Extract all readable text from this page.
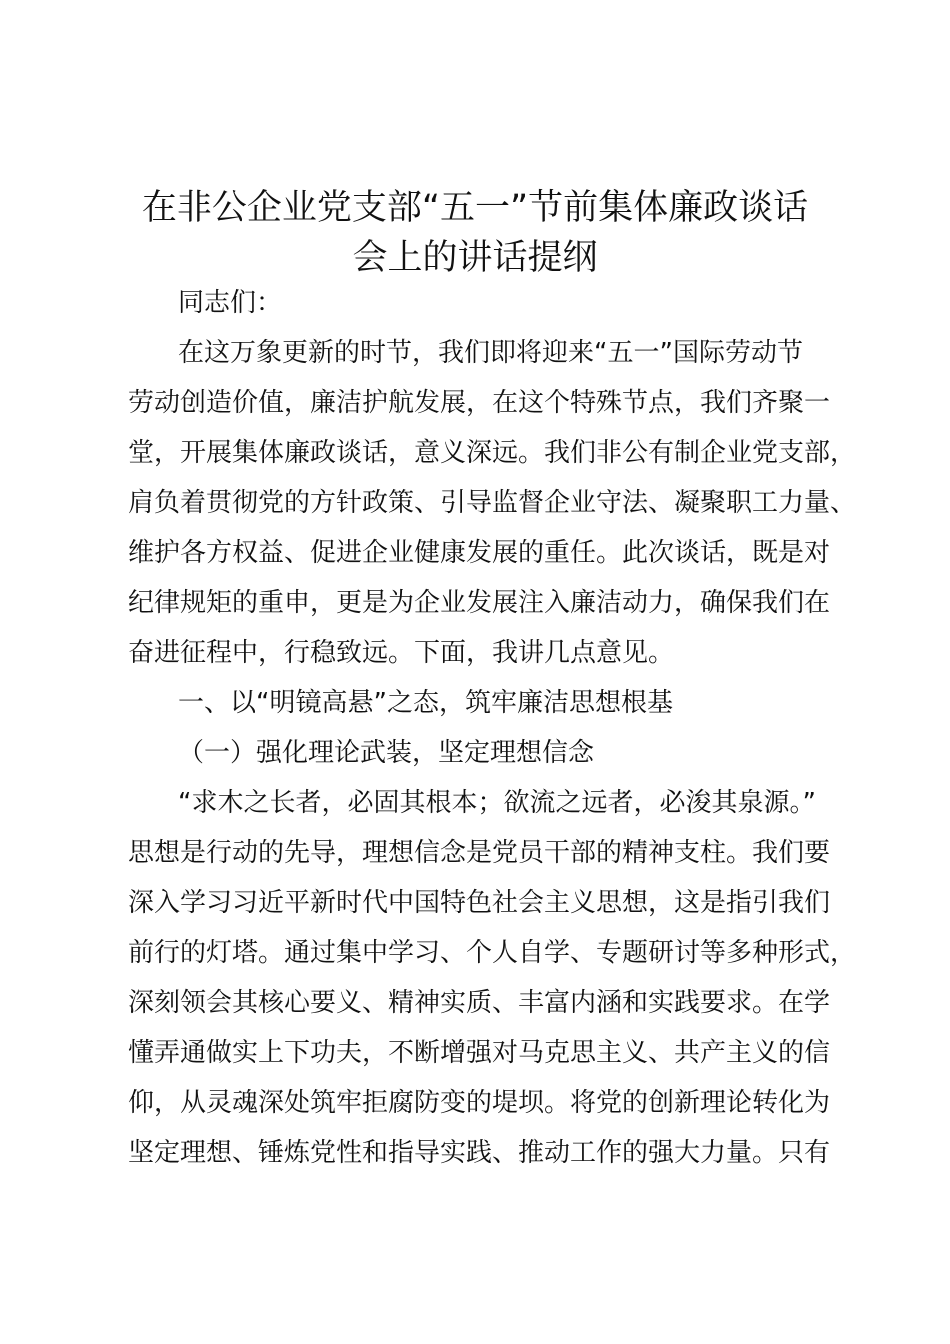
在非公企业党支部“五一”节前集体廉政谈话
会上的讲话提纲

同志们：

在这万象更新的时节，我们即将迎来“五一”国际劳动节

劳动创造价值，廉洁护航发展，在这个特殊节点，我们齐聚一

堂，开展集体廉政谈话，意义深远。我们非公有制企业党支部，

肩负着贯彻党的方针政策、引导监督企业守法、凝聚职工力量、

维护各方权益、促进企业健康发展的重任。此次谈话，既是对

纪律规矩的重申，更是为企业发展注入廉洁动力，确保我们在

奋进征程中，行稳致远。下面，我讲几点意见。

一、以“明镜高悬”之态，筑牢廉洁思想根基

（一）强化理论武装，坚定理想信念

“求木之长者，必固其根本；欲流之远者，必浚其泉源。”

思想是行动的先导，理想信念是党员干部的精神支柱。我们要

深入学习习近平新时代中国特色社会主义思想，这是指引我们

前行的灯塔。通过集中学习、个人自学、专题研讨等多种形式，

深刻领会其核心要义、精神实质、丰富内涵和实践要求。在学

懂弄通做实上下功夫，不断增强对马克思主义、共产主义的信

仰，从灵魂深处筑牢拒腐防变的堤坝。将党的创新理论转化为

坚定理想、锤炼党性和指导实践、推动工作的强大力量。只有
